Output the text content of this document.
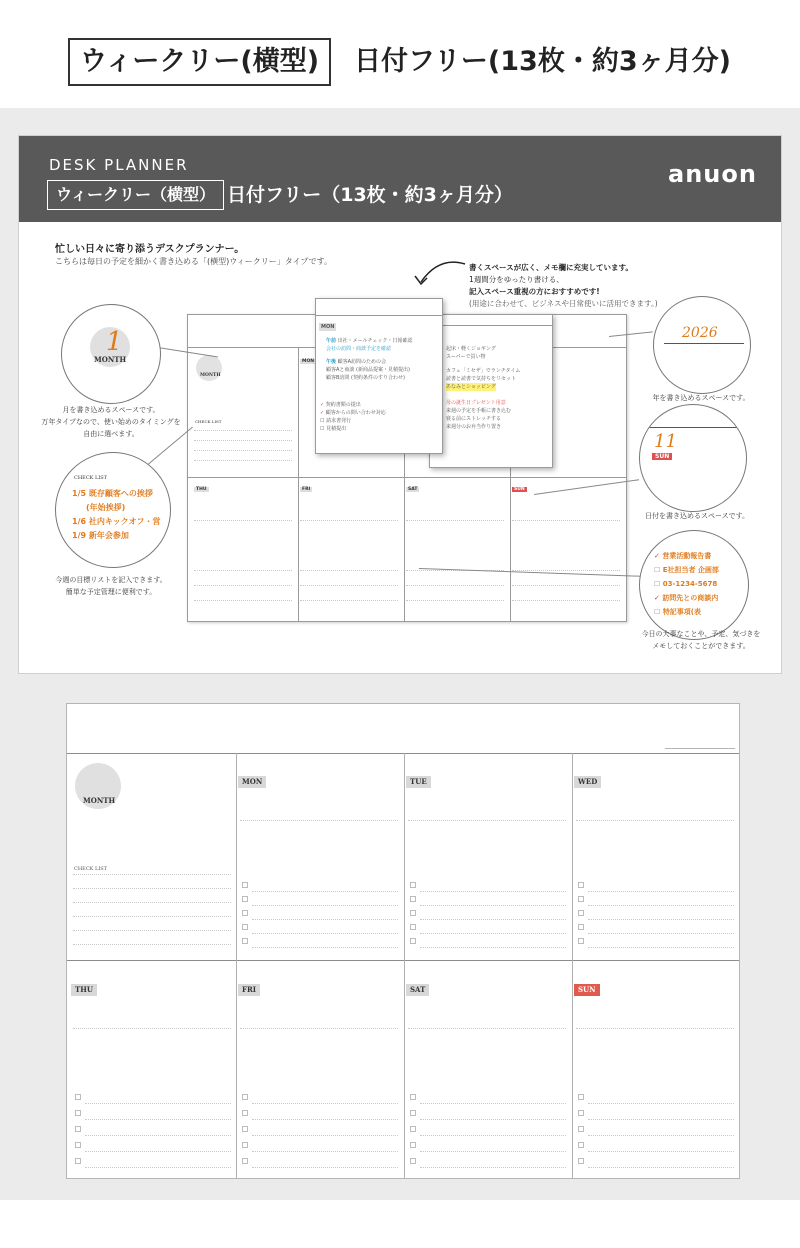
ウィークリー(横型)	日付フリー(13枚・約3ヶ月分)
DESK PLANNER
ウィークリー（横型） 日付フリー（13枚・約3ヶ月分）
anuon
忙しい日々に寄り添うデスクプランナー。
こちらは毎日の予定を細かく書き込める「(横型)ウィークリー」タイプです。
書くスペースが広く、メモ欄に充実しています。
1週間分をゆったり書ける、
記入スペース重視の方におすすめです!
(用途に合わせて、ビジネスや日常使いに活用できます。)
MONTH
CHECK LIST
MON
THU	FRI	SAT	SUN
起床・軽くジョギング
スーパーで買い物
カフェ「ミセザ」でランチタイム
読書と読書で気持ちをリセット
あなみとショッピング
母の誕生日プレゼント用意
来週の予定を手帳に書き込む
寝る前にストレッチする
来週分のお弁当作り置き
MON
午前 出社・メールチェック・日報確認
会社の訪問・商談予定を確認
午後 顧客A訪問のための会
顧客Aと商談 (新商品提案・見積提出)
顧客B訪問 (契約条件のすり合わせ)
✓ 契約書類の提出
✓ 顧客からの問い合わせ対応
☐ 請求書発行
☐ 見積提出
1
MONTH
月を書き込めるスペースです。
万年タイプなので、使い始めのタイミングを
自由に選べます。
CHECK LIST
1/5 既存顧客への挨拶
(年始挨拶)
1/6 社内キックオフ・営
1/9 新年会参加
今週の目標リストを記入できます。
簡単な予定管理に便利です。
2026
年を書き込めるスペースです。
11
SUN
日付を書き込めるスペースです。
✓ 営業活動報告書
☐ E社担当者 企画部
☐ 03-1234-5678
✓ 訪問先との商談内
☐ 特記事項(表
今日の大事なことや、予定、気づきを
メモしておくことができます。
MONTH
CHECK LIST
MON	TUE	WED
THU	FRI	SAT	SUN
